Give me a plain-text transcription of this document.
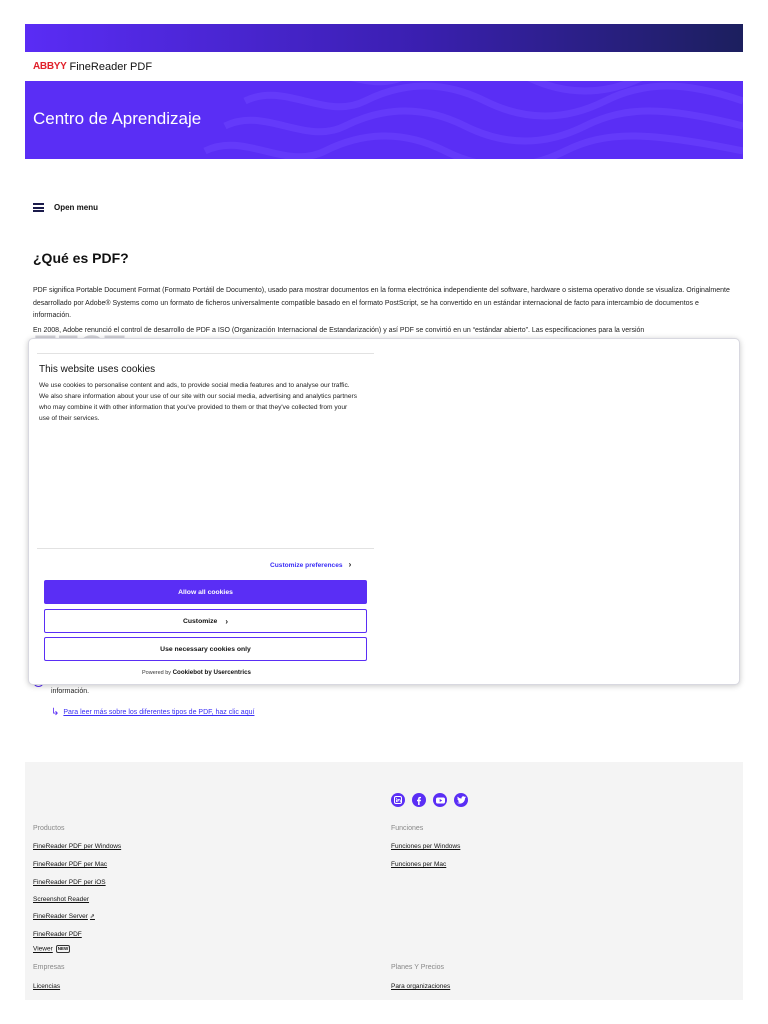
ABBYY FineReader PDF
Centro de Aprendizaje
Open menu
¿Qué es PDF?

PDF significa Portable Document Format (Formato Portátil de Documento), usado para mostrar documentos en la forma electrónica independiente del software, hardware o sistema operativo donde se visualiza. Originalmente desarrollado por Adobe® Systems como un formato de ficheros universalmente compatible basado en el formato PostScript, se ha convertido en un estándar internacional de facto para intercambio de documentos e información.

En 2008, Adobe renunció el control de desarrollo de PDF a ISO (Organización Internacional de Estandarización) y así PDF se convirtió en un “estándar abierto”. Las especificaciones para la versión

información.
↳ Para leer más sobre los diferentes tipos de PDF, haz clic aquí
This website uses cookies
We use cookies to personalise content and ads, to provide social media features and to analyse our traffic. We also share information about your use of our site with our social media, advertising and analytics partners who may combine it with other information that you've provided to them or that they've collected from your use of their services.
Customize preferences ›
Allow all cookies
Customize ›
Use necessary cookies only
Powered by Cookiebot by Usercentrics
Productos
FineReader PDF per Windows
FineReader PDF per Mac
FineReader PDF per iOS
Screenshot Reader
FineReader Server ⇗
FineReader PDF
Viewer NEW
Empresas
Licencias
Funciones
Funciones per Windows
Funciones per Mac
Planes Y Precios
Para organizaciones
